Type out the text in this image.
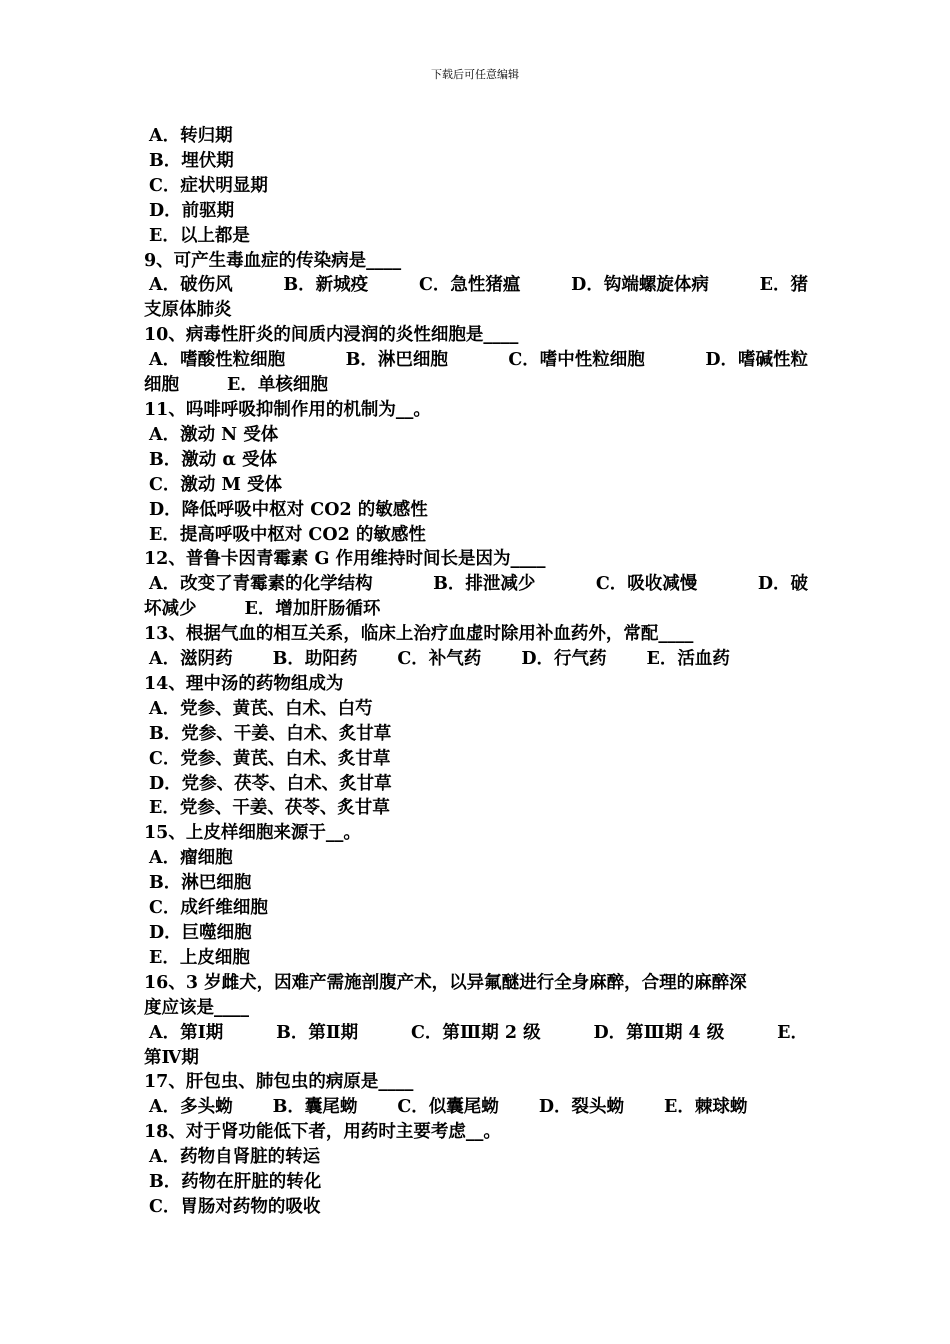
下载后可任意编辑
A．转归期
B．埋伏期
C．症状明显期
D．前驱期
E．以上都是
9、可产生毒血症的传染病是____
A．破伤风	B．新城疫	C．急性猪瘟	D．钩端螺旋体病	E．猪
支原体肺炎
10、病毒性肝炎的间质内浸润的炎性细胞是____
A．嗜酸性粒细胞	B．淋巴细胞	C．嗜中性粒细胞	D．嗜碱性粒
细胞	E．单核细胞
11、吗啡呼吸抑制作用的机制为__。
A．激动 N 受体
B．激动 α 受体
C．激动 M 受体
D．降低呼吸中枢对 CO2 的敏感性
E．提高呼吸中枢对 CO2 的敏感性
12、普鲁卡因青霉素 G 作用维持时间长是因为____
A．改变了青霉素的化学结构	B．排泄减少	C．吸收减慢	D．破
坏减少	E．增加肝肠循环
13、根据气血的相互关系，临床上治疗血虚时除用补血药外，常配____
A．滋阴药 B．助阳药 C．补气药 D．行气药 E．活血药
14、理中汤的药物组成为
A．党参、黄芪、白术、白芍
B．党参、干姜、白术、炙甘草
C．党参、黄芪、白术、炙甘草
D．党参、茯苓、白术、炙甘草
E．党参、干姜、茯苓、炙甘草
15、上皮样细胞来源于__。
A．瘤细胞
B．淋巴细胞
C．成纤维细胞
D．巨噬细胞
E．上皮细胞
16、3 岁雌犬，因难产需施剖腹产术，以异氟醚进行全身麻醉，合理的麻醉深
度应该是____
A．第Ⅰ期	B．第Ⅱ期	C．第Ⅲ期 2 级	D．第Ⅲ期 4 级	E．
第Ⅳ期
17、肝包虫、肺包虫的病原是____
A．多头蚴 B．囊尾蚴 C．似囊尾蚴 D．裂头蚴 E．棘球蚴
18、对于肾功能低下者，用药时主要考虑__。
A．药物自肾脏的转运
B．药物在肝脏的转化
C．胃肠对药物的吸收
